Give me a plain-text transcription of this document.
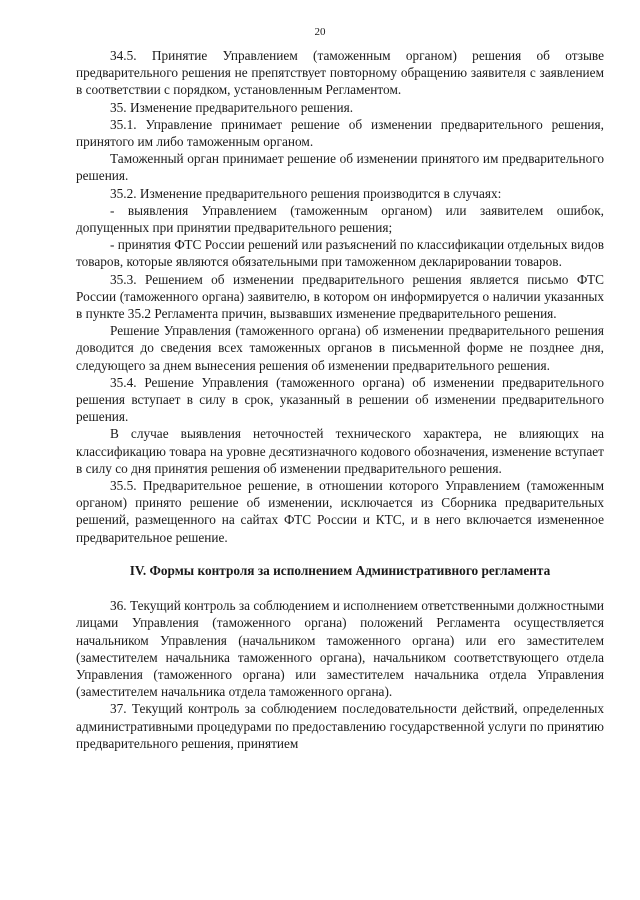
20

34.5. Принятие Управлением (таможенным органом) решения об отзыве предварительного решения не препятствует повторному обращению заявителя с заявлением в соответствии с порядком, установленным Регламентом.

35. Изменение предварительного решения.

35.1. Управление принимает решение об изменении предварительного решения, принятого им либо таможенным органом.

Таможенный орган принимает решение об изменении принятого им предварительного решения.

35.2. Изменение предварительного решения производится в случаях:

- выявления Управлением (таможенным органом) или заявителем ошибок, допущенных при принятии предварительного решения;

- принятия ФТС России решений или разъяснений по классификации отдельных видов товаров, которые являются обязательными при таможенном декларировании товаров.

35.3. Решением об изменении предварительного решения является письмо ФТС России (таможенного органа) заявителю, в котором он информируется о наличии указанных в пункте 35.2 Регламента причин, вызвавших изменение предварительного решения.

Решение Управления (таможенного органа) об изменении предварительного решения доводится до сведения всех таможенных органов в письменной форме не позднее дня, следующего за днем вынесения решения об изменении предварительного решения.

35.4. Решение Управления (таможенного органа) об изменении предварительного решения вступает в силу в срок, указанный в решении об изменении предварительного решения.

В случае выявления неточностей технического характера, не влияющих на классификацию товара на уровне десятизначного кодового обозначения, изменение вступает в силу со дня принятия решения об изменении предварительного решения.

35.5. Предварительное решение, в отношении которого Управлением (таможенным органом) принято решение об изменении, исключается из Сборника предварительных решений, размещенного на сайтах ФТС России и КТС, и в него включается измененное предварительное решение.

IV. Формы контроля за исполнением Административного регламента

36. Текущий контроль за соблюдением и исполнением ответственными должностными лицами Управления (таможенного органа) положений Регламента осуществляется начальником Управления (начальником таможенного органа) или его заместителем (заместителем начальника таможенного органа), начальником соответствующего отдела Управления (таможенного органа) или заместителем начальника отдела Управления (заместителем начальника отдела таможенного органа).

37. Текущий контроль за соблюдением последовательности действий, определенных административными процедурами по предоставлению государственной услуги по принятию предварительного решения, принятием
